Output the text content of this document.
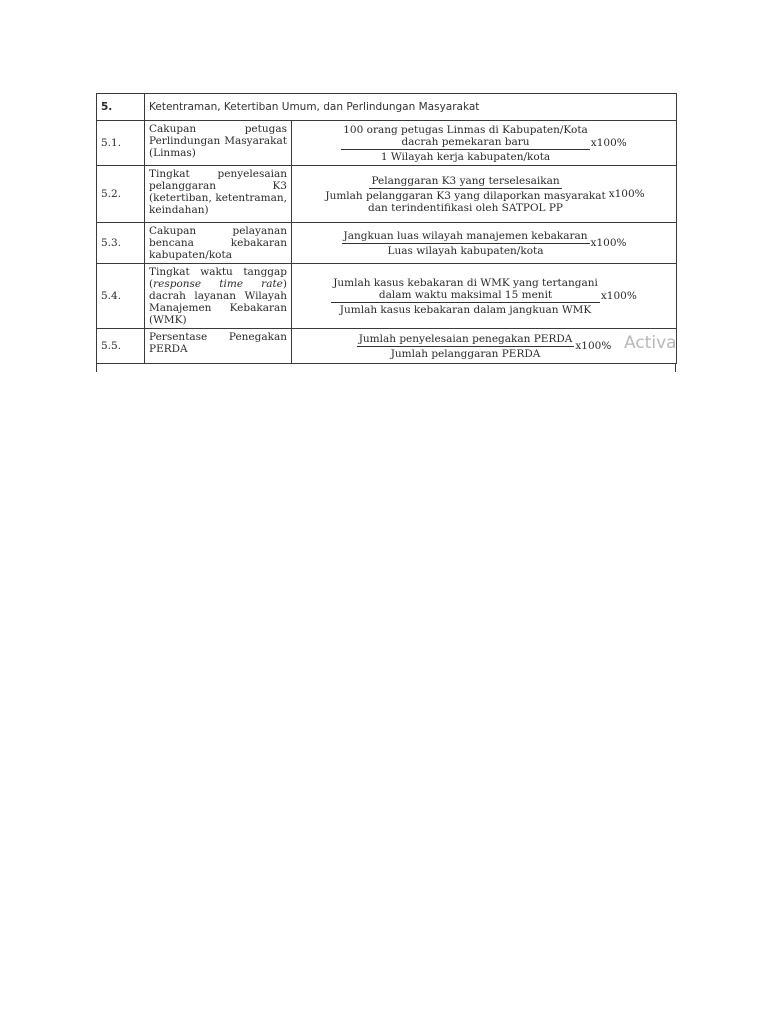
5.	Ketentraman, Ketertiban Umum, dan Perlindungan Masyarakat	
5.1.	Cakupan petugas Perlindungan Masyarakat (Linmas)	100 orang petugas Linmas di Kabupaten/Kota
dacrah pemekaran baru
1 Wilayah kerja kabupaten/kota
x100%

5.2.	Tingkat penyelesaian pelanggaran K3 (ketertiban, ketentraman, keindahan)	Pelanggaran K3 yang terselesaikan
Jumlah pelanggaran K3 yang dilaporkan masyarakat
dan terindentifikasi oleh SATPOL PP
x100%

5.3.	Cakupan pelayanan bencana kebakaran kabupaten/kota	$\frac{\text{Jangkuan luas wilayah manajemen kebakaran}}{\text{Luas wilayah kabupaten/kota}} x100\%$

5.4.	Tingkat waktu tanggap (response time rate) dacrah layanan Wilayah Manajemen Kebakaran (WMK)	Jumlah kasus kebakaran di WMK yang tertangani
dalam waktu maksimal 15 menit
Jumlah kasus kebakaran dalam jangkuan WMK
x100%

5.5.	Persentase Penegakan PERDA	$\frac{\text{Jumlah penyelesaian penegakan PERDA}}{\text{Jumlah pelanggaran PERDA}} x100\%$ Activa
